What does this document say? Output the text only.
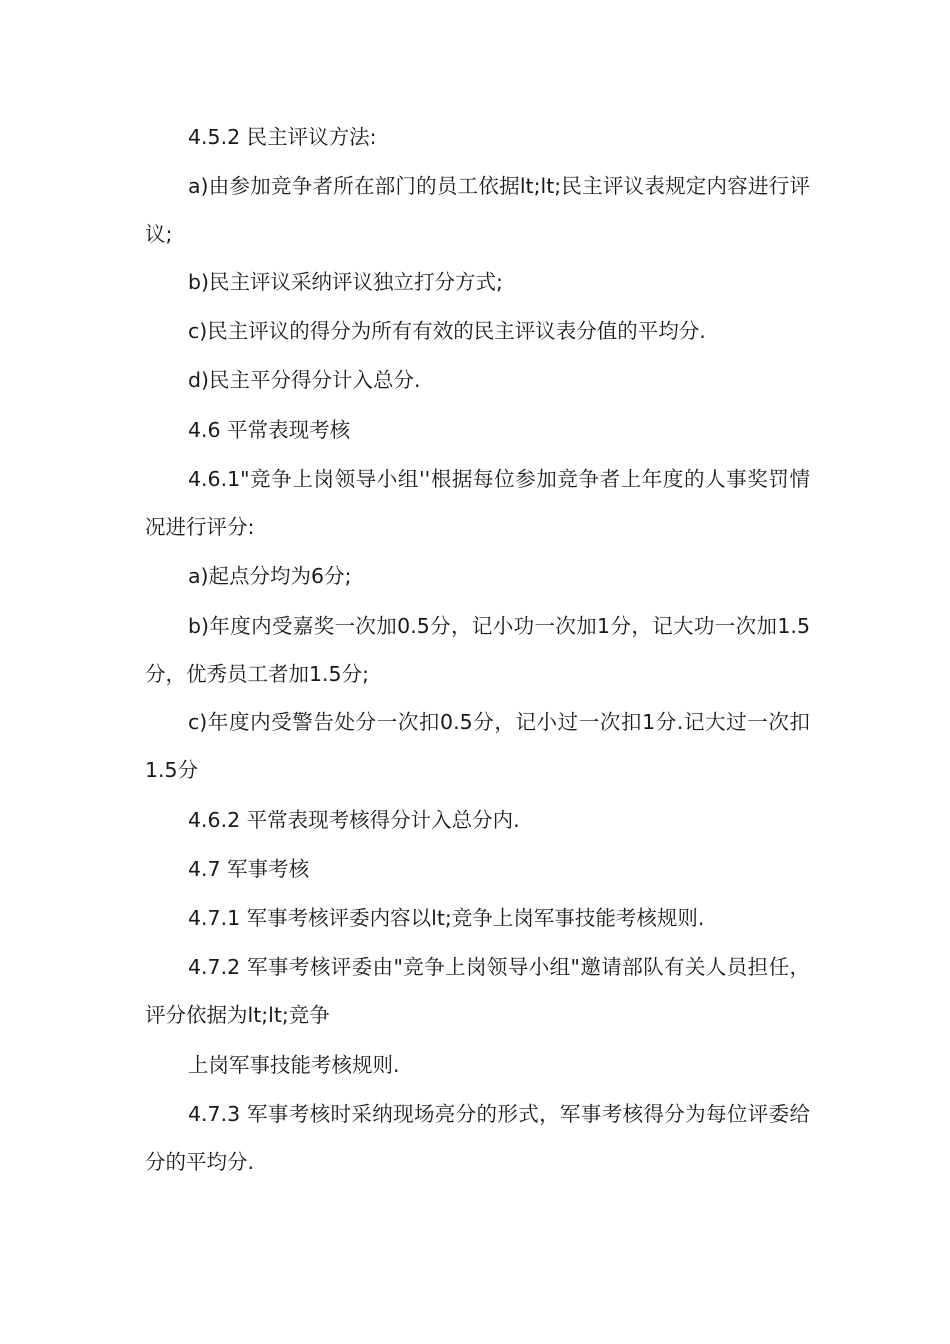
4.5.2 民主评议方法:

a)由参加竞争者所在部门的员工依据lt;lt;民主评议表规定内容进行评议;

b)民主评议采纳评议独立打分方式;

c)民主评议的得分为所有有效的民主评议表分值的平均分.

d)民主平分得分计入总分.

4.6 平常表现考核

4.6.1"竞争上岗领导小组''根据每位参加竞争者上年度的人事奖罚情况进行评分:

a)起点分均为6分;

b)年度内受嘉奖一次加0.5分，记小功一次加1分，记大功一次加1.5分，优秀员工者加1.5分;

c)年度内受警告处分一次扣0.5分，记小过一次扣1分.记大过一次扣1.5分

4.6.2 平常表现考核得分计入总分内.

4.7 军事考核

4.7.1 军事考核评委内容以lt;竞争上岗军事技能考核规则.

4.7.2 军事考核评委由"竞争上岗领导小组"邀请部队有关人员担任，评分依据为lt;lt;竞争

上岗军事技能考核规则.

4.7.3 军事考核时采纳现场亮分的形式，军事考核得分为每位评委给分的平均分.
